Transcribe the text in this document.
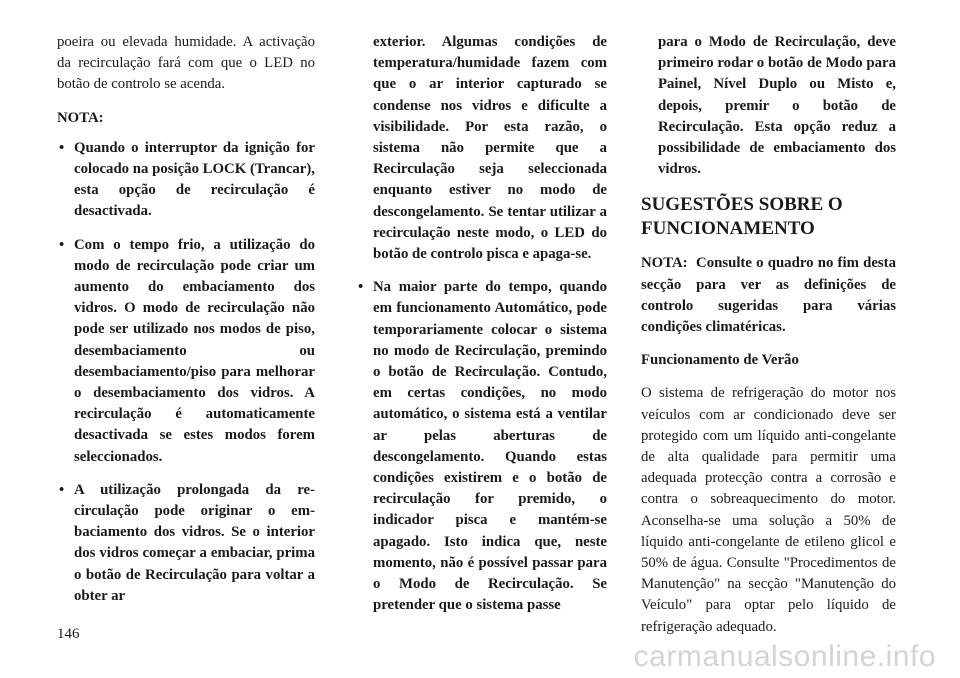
poeira ou elevada humidade. A activação da recirculação fará com que o LED no botão de controlo se acenda.

NOTA:

• Quando o interruptor da ignição for colocado na posição LOCK (Trancar), esta opção de recirculação é desactivada.
• Com o tempo frio, a utilização do modo de recirculação pode criar um aumento do embaciamento dos vidros. O modo de recirculação não pode ser utilizado nos modos de piso, desembaciamento ou desembaciamento/piso para melhorar o desembaciamento dos vidros. A recirculação é automaticamente desactivada se estes modos forem seleccionados.
• A utilização prolongada da recirculação pode originar o embaciamento dos vidros. Se o interior dos vidros começar a embaciar, prima o botão de Recirculação para voltar a obter ar

exterior. Algumas condições de temperatura/humidade fazem com que o ar interior capturado se condense nos vidros e dificulte a visibilidade. Por esta razão, o sistema não permite que a Recirculação seja seleccionada enquanto estiver no modo de descongelamento. Se tentar utilizar a recirculação neste modo, o LED do botão de controlo pisca e apaga-se.

• Na maior parte do tempo, quando em funcionamento Automático, pode temporariamente colocar o sistema no modo de Recirculação, premindo o botão de Recirculação. Contudo, em certas condições, no modo automático, o sistema está a ventilar ar pelas aberturas de descongelamento. Quando estas condições existirem e o botão de recirculação for premido, o indicador pisca e mantém-se apagado. Isto indica que, neste momento, não é possível passar para o Modo de Recirculação. Se pretender que o sistema passe

para o Modo de Recirculação, deve primeiro rodar o botão de Modo para Painel, Nível Duplo ou Misto e, depois, premir o botão de Recirculação. Esta opção reduz a possibilidade de embaciamento dos vidros.

SUGESTÕES SOBRE O FUNCIONAMENTO

NOTA: Consulte o quadro no fim desta secção para ver as definições de controlo sugeridas para várias condições climatéricas.

Funcionamento de Verão

O sistema de refrigeração do motor nos veículos com ar condicionado deve ser protegido com um líquido anti-congelante de alta qualidade para permitir uma adequada protecção contra a corrosão e contra o sobreaquecimento do motor. Aconselha-se uma solução a 50% de líquido anti-congelante de etileno glicol e 50% de água. Consulte "Procedimentos de Manutenção" na secção "Manutenção do Veículo" para optar pelo líquido de refrigeração adequado.

146
carmanualsonline.info
